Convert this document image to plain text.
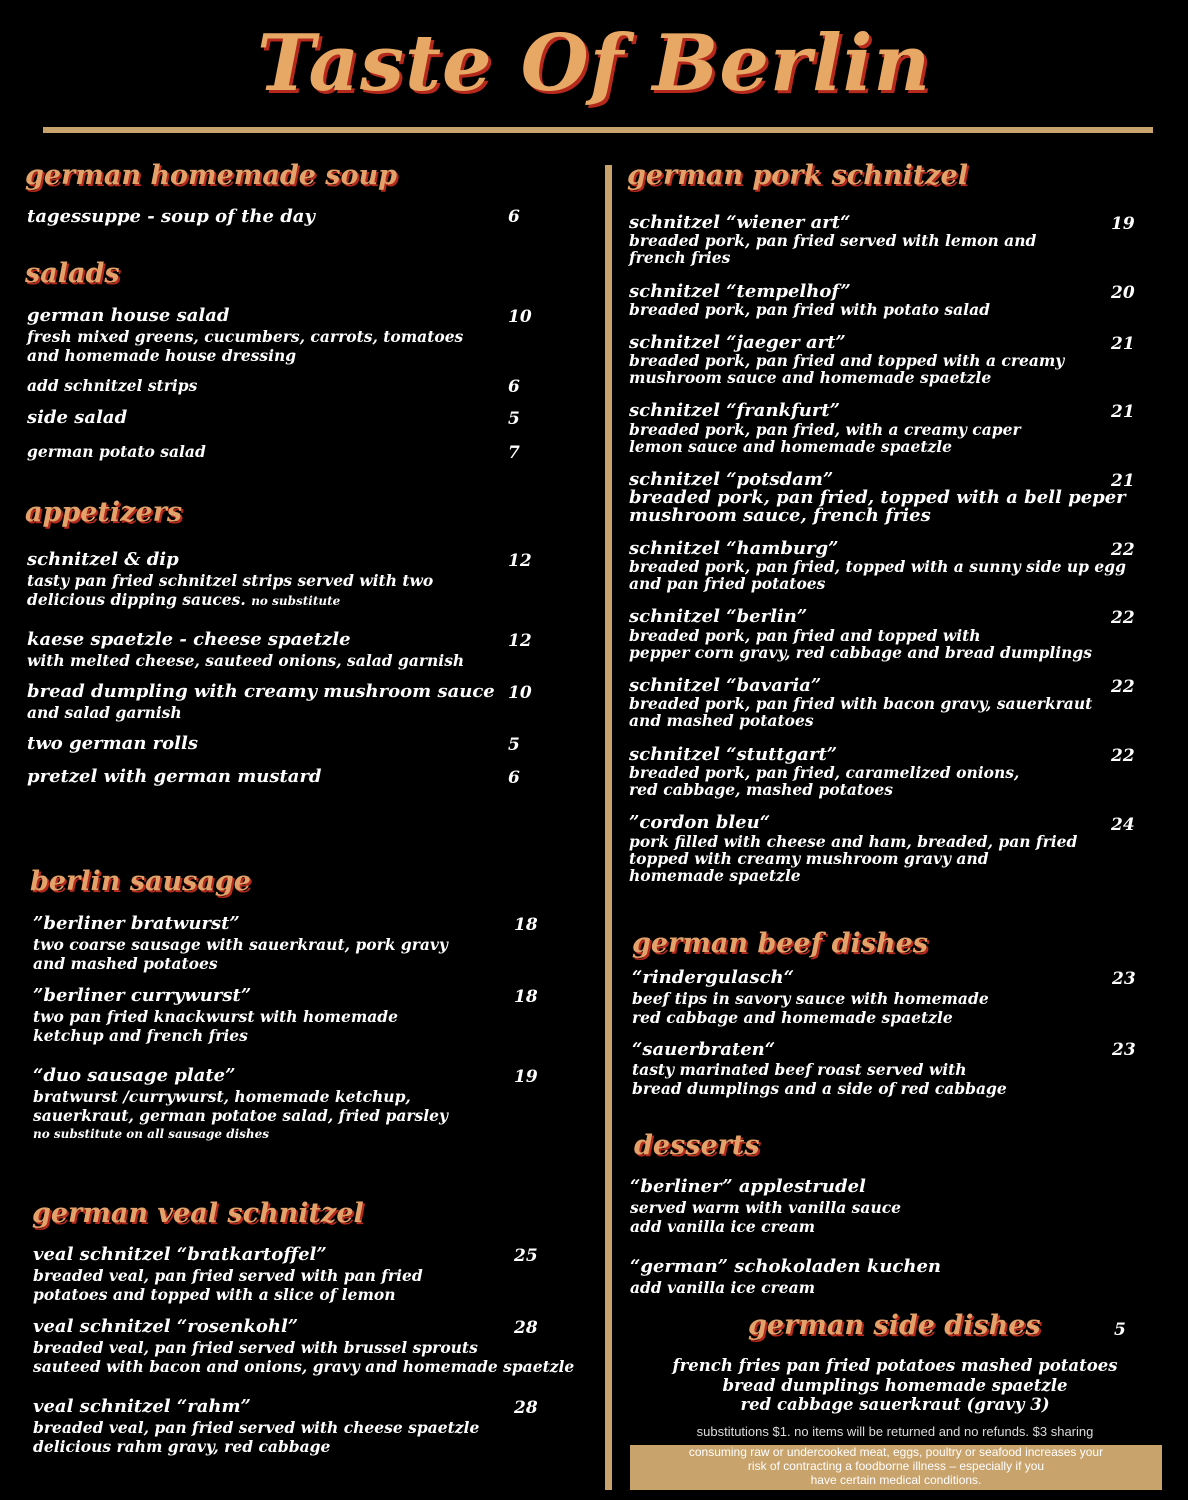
Taste Of Berlin
german homemade soup
tagessuppe - soup of the day	6
salads
german house salad
fresh mixed greens, cucumbers, carrots, tomatoes
and homemade house dressing
10
add schnitzel strips	6
side salad	5
german potato salad	7
appetizers
schnitzel & dip
tasty pan fried schnitzel strips served with two
delicious dipping sauces. no substitute
12
kaese spaetzle - cheese spaetzle
with melted cheese, sauteed onions, salad garnish
12
bread dumpling with creamy mushroom sauce
and salad garnish
10
two german rolls	5
pretzel with german mustard	6
berlin sausage
”berliner bratwurst”
two coarse sausage with sauerkraut, pork gravy
and mashed potatoes
18
”berliner currywurst”
two pan fried knackwurst with homemade
ketchup and french fries
18
“duo sausage plate”
bratwurst /currywurst, homemade ketchup,
sauerkraut, german potatoe salad, fried parsley
no substitute on all sausage dishes
19
german veal schnitzel
veal schnitzel “bratkartoffel”
breaded veal, pan fried served with pan fried
potatoes and topped with a slice of lemon
25
veal schnitzel “rosenkohl”
breaded veal, pan fried served with brussel sprouts
sauteed with bacon and onions, gravy and homemade spaetzle
28
veal schnitzel “rahm”
breaded veal, pan fried served with cheese spaetzle
delicious rahm gravy, red cabbage
28
german pork schnitzel
schnitzel “wiener art“
breaded pork, pan fried served with lemon and
french fries
19
schnitzel “tempelhof”
breaded pork, pan fried with potato salad
20
schnitzel “jaeger art”
breaded pork, pan fried and topped with a creamy
mushroom sauce and homemade spaetzle
21
schnitzel “frankfurt”
breaded pork, pan fried, with a creamy caper
lemon sauce and homemade spaetzle
21
schnitzel “potsdam”
breaded pork, pan fried, topped with a bell peper
mushroom sauce, french fries
21
schnitzel “hamburg”
breaded pork, pan fried, topped with a sunny side up egg
and pan fried potatoes
22
schnitzel “berlin”
breaded pork, pan fried and topped with
pepper corn gravy, red cabbage and bread dumplings
22
schnitzel “bavaria”
breaded pork, pan fried with bacon gravy, sauerkraut
and mashed potatoes
22
schnitzel “stuttgart”
breaded pork, pan fried, caramelized onions,
red cabbage, mashed potatoes
22
”cordon bleu“
pork filled with cheese and ham, breaded, pan fried
topped with creamy mushroom gravy and
homemade spaetzle
24
german beef dishes
“rindergulasch“
beef tips in savory sauce with homemade
red cabbage and homemade spaetzle
23
“sauerbraten“
tasty marinated beef roast served with
bread dumplings and a side of red cabbage
23
desserts
“berliner” applestrudel
served warm with vanilla sauce
add vanilla ice cream
“german” schokoladen kuchen
add vanilla ice cream
german side dishes	5
french fries pan fried potatoes mashed potatoes
bread dumplings homemade spaetzle
red cabbage sauerkraut (gravy 3)
substitutions $1. no items will be returned and no refunds. $3 sharing
consuming raw or undercooked meat, eggs, poultry or seafood increases your
risk of contracting a foodborne illness – especially if you
have certain medical conditions.
